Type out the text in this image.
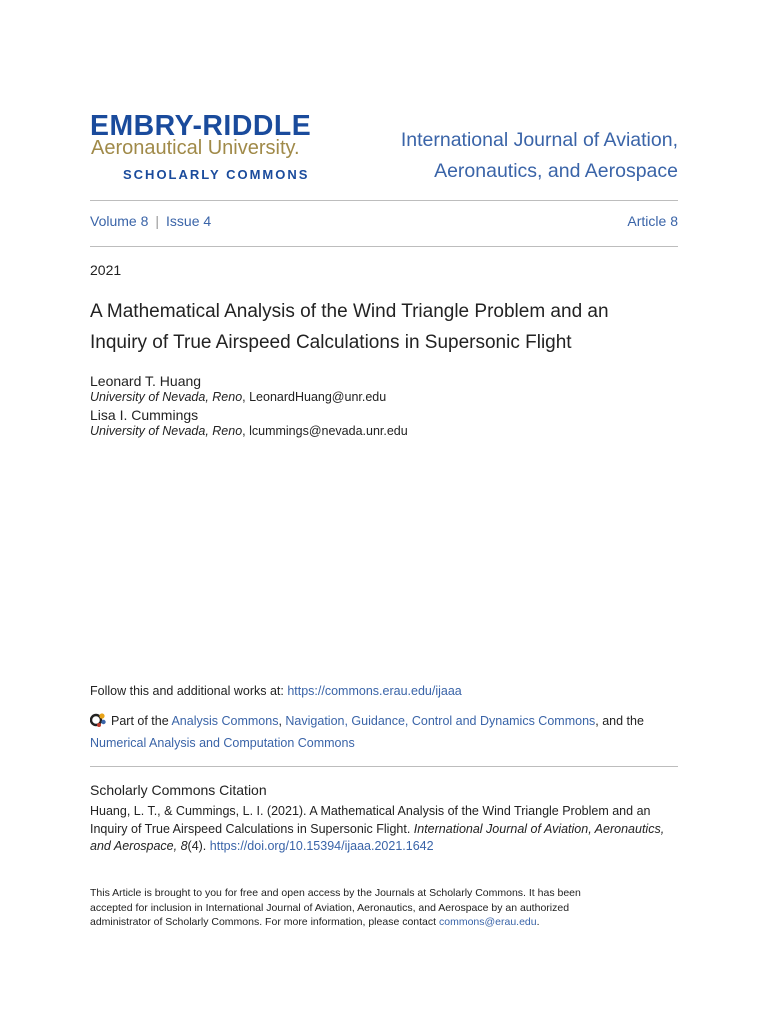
EMBRY-RIDDLE
Aeronautical University.
SCHOLARLY COMMONS
International Journal of Aviation,
Aeronautics, and Aerospace
Volume 8 | Issue 4	Article 8
2021
A Mathematical Analysis of the Wind Triangle Problem and an
Inquiry of True Airspeed Calculations in Supersonic Flight
Leonard T. Huang
University of Nevada, Reno, LeonardHuang@unr.edu
Lisa I. Cummings
University of Nevada, Reno, lcummings@nevada.unr.edu
Follow this and additional works at: https://commons.erau.edu/ijaaa
Part of the Analysis Commons, Navigation, Guidance, Control and Dynamics Commons, and the
Numerical Analysis and Computation Commons
Scholarly Commons Citation
Huang, L. T., & Cummings, L. I. (2021). A Mathematical Analysis of the Wind Triangle Problem and an
Inquiry of True Airspeed Calculations in Supersonic Flight. International Journal of Aviation, Aeronautics,
and Aerospace, 8(4). https://doi.org/10.15394/ijaaa.2021.1642
This Article is brought to you for free and open access by the Journals at Scholarly Commons. It has been
accepted for inclusion in International Journal of Aviation, Aeronautics, and Aerospace by an authorized
administrator of Scholarly Commons. For more information, please contact commons@erau.edu.
